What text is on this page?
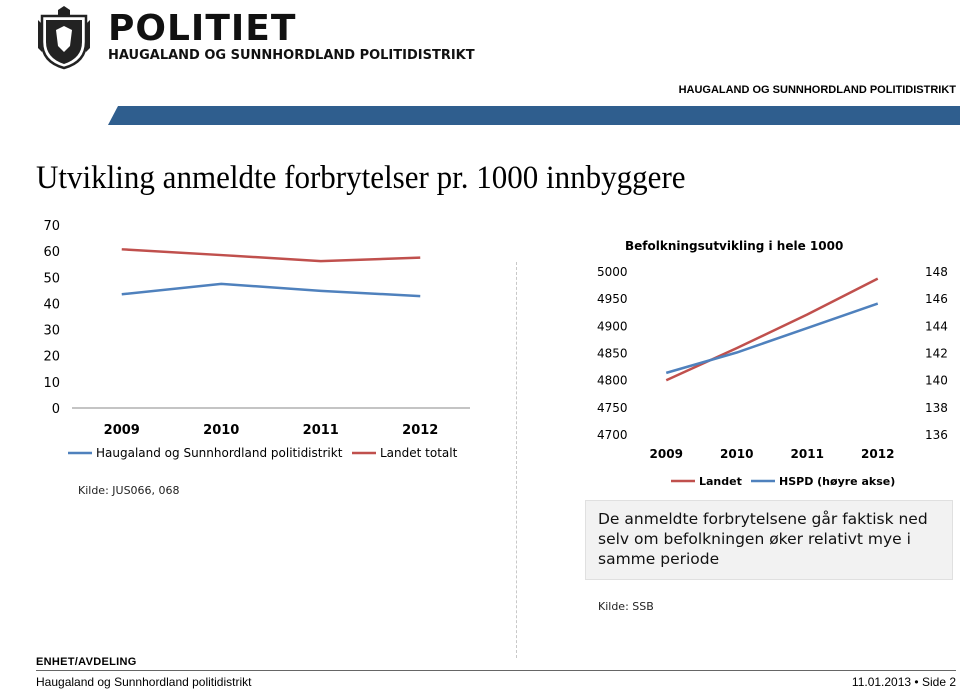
POLITIET
HAUGALAND OG SUNNHORDLAND POLITIDISTRIKT
HAUGALAND OG SUNNHORDLAND POLITIDISTRIKT
Utvikling anmeldte forbrytelser pr. 1000 innbyggere
0
10
20
30
40
50
60
70
2009	2010	2011	2012
Haugaland og Sunnhordland politidistrikt	Landet totalt
Kilde: JUS066, 068
Befolkningsutvikling i hele 1000
4700
4750
4800
4850
4900
4950
5000
136
138
140
142
144
146
148
2009	2010	2011	2012
Landet	HSPD (høyre akse)

De anmeldte forbrytelsene går faktisk ned selv om befolkningen øker relativt mye i samme periode

Kilde: SSB
ENHET/AVDELING
Haugaland og Sunnhordland politidistrikt	11.01.2013 • Side 2
